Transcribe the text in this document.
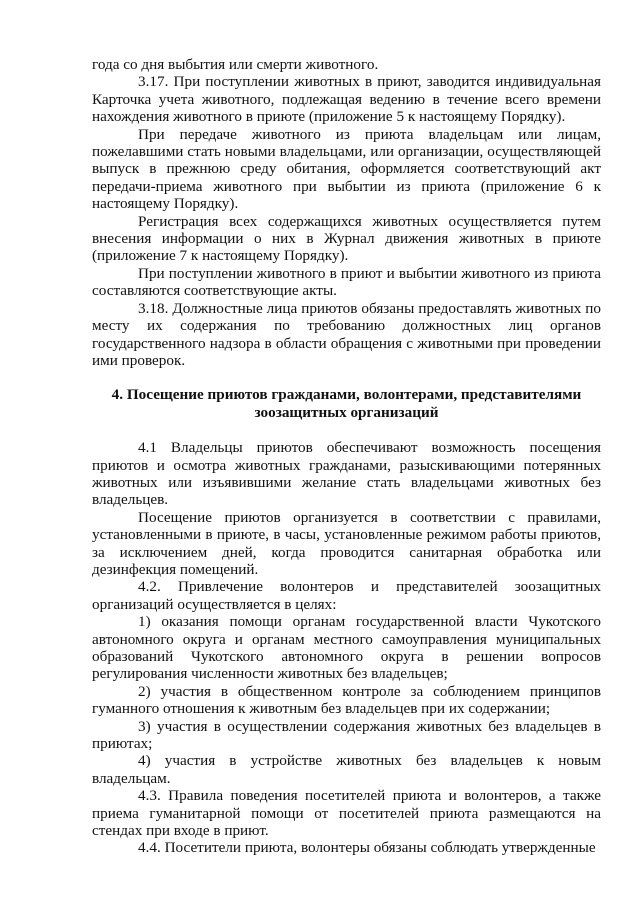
года со дня выбытия или смерти животного.

3.17. При поступлении животных в приют, заводится индивидуальная Карточка учета животного, подлежащая ведению в течение всего времени нахождения животного в приюте (приложение 5 к настоящему Порядку).

При передаче животного из приюта владельцам или лицам, пожелавшими стать новыми владельцами, или организации, осуществляющей выпуск в прежнюю среду обитания, оформляется соответствующий акт передачи-приема животного при выбытии из приюта (приложение 6 к настоящему Порядку).

Регистрация всех содержащихся животных осуществляется путем внесения информации о них в Журнал движения животных в приюте (приложение 7 к настоящему Порядку).

При поступлении животного в приют и выбытии животного из приюта составляются соответствующие акты.

3.18. Должностные лица приютов обязаны предоставлять животных по месту их содержания по требованию должностных лиц органов государственного надзора в области обращения с животными при проведении ими проверок.

4. Посещение приютов гражданами, волонтерами, представителями зоозащитных организаций

4.1 Владельцы приютов обеспечивают возможность посещения приютов и осмотра животных гражданами, разыскивающими потерянных животных или изъявившими желание стать владельцами животных без владельцев.

Посещение приютов организуется в соответствии с правилами, установленными в приюте, в часы, установленные режимом работы приютов, за исключением дней, когда проводится санитарная обработка или дезинфекция помещений.

4.2. Привлечение волонтеров и представителей зоозащитных организаций осуществляется в целях:

1) оказания помощи органам государственной власти Чукотского автономного округа и органам местного самоуправления муниципальных образований Чукотского автономного округа в решении вопросов регулирования численности животных без владельцев;

2) участия в общественном контроле за соблюдением принципов гуманного отношения к животным без владельцев при их содержании;

3) участия в осуществлении содержания животных без владельцев в приютах;

4) участия в устройстве животных без владельцев к новым владельцам.

4.3. Правила поведения посетителей приюта и волонтеров, а также приема гуманитарной помощи от посетителей приюта размещаются на стендах при входе в приют.

4.4. Посетители приюта, волонтеры обязаны соблюдать утвержденные
